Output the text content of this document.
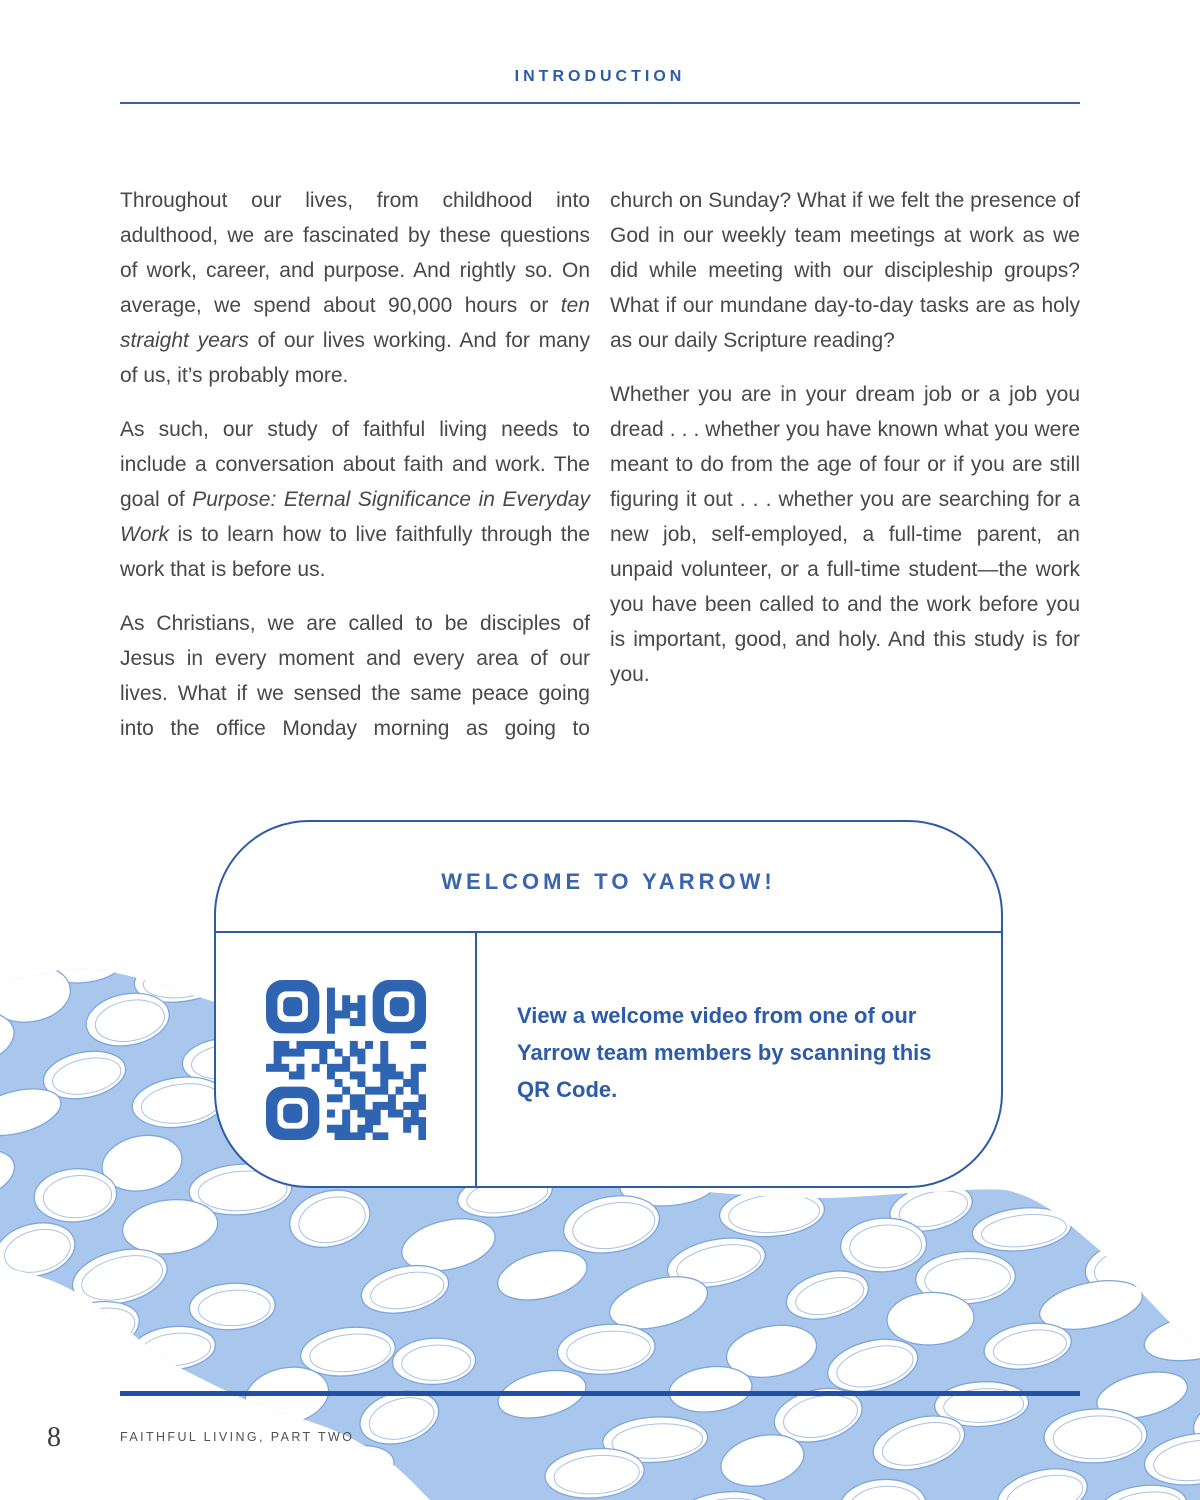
INTRODUCTION

Throughout our lives, from childhood into adulthood, we are fascinated by these questions of work, career, and purpose. And rightly so. On average, we spend about 90,000 hours or ten straight years of our lives working. And for many of us, it’s probably more.

As such, our study of faithful living needs to include a conversation about faith and work. The goal of Purpose: Eternal Significance in Everyday Work is to learn how to live faithfully through the work that is before us.

As Christians, we are called to be disciples of Jesus in every moment and every area of our lives. What if we sensed the same peace going into the office Monday morning as going to

church on Sunday? What if we felt the presence of God in our weekly team meetings at work as we did while meeting with our discipleship groups? What if our mundane day-to-day tasks are as holy as our daily Scripture reading?

Whether you are in your dream job or a job you dread . . . whether you have known what you were meant to do from the age of four or if you are still figuring it out . . . whether you are searching for a new job, self-employed, a full-time parent, an unpaid volunteer, or a full-time student—the work you have been called to and the work before you is important, good, and holy. And this study is for you.

WELCOME TO YARROW!
View a welcome video from one of our Yarrow team members by scanning this QR Code.
8	FAITHFUL LIVING, PART TWO
